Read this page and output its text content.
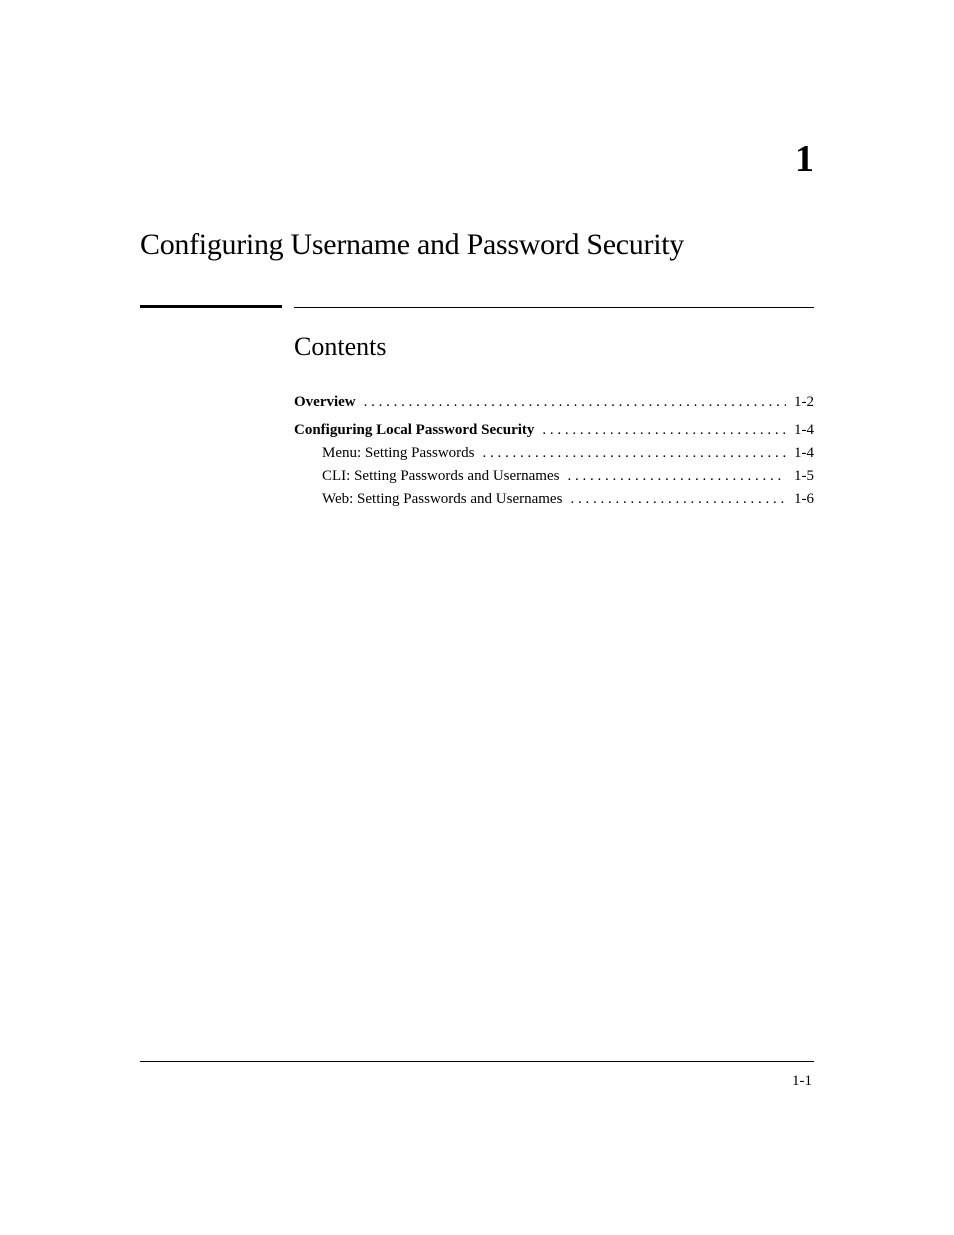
1
Configuring Username and Password Security
Contents
Overview . . .	1-2
Configuring Local Password Security . . .	1-4
Menu: Setting Passwords . . .	1-4
CLI: Setting Passwords and Usernames . . .	1-5
Web: Setting Passwords and Usernames . . .	1-6
1-1
